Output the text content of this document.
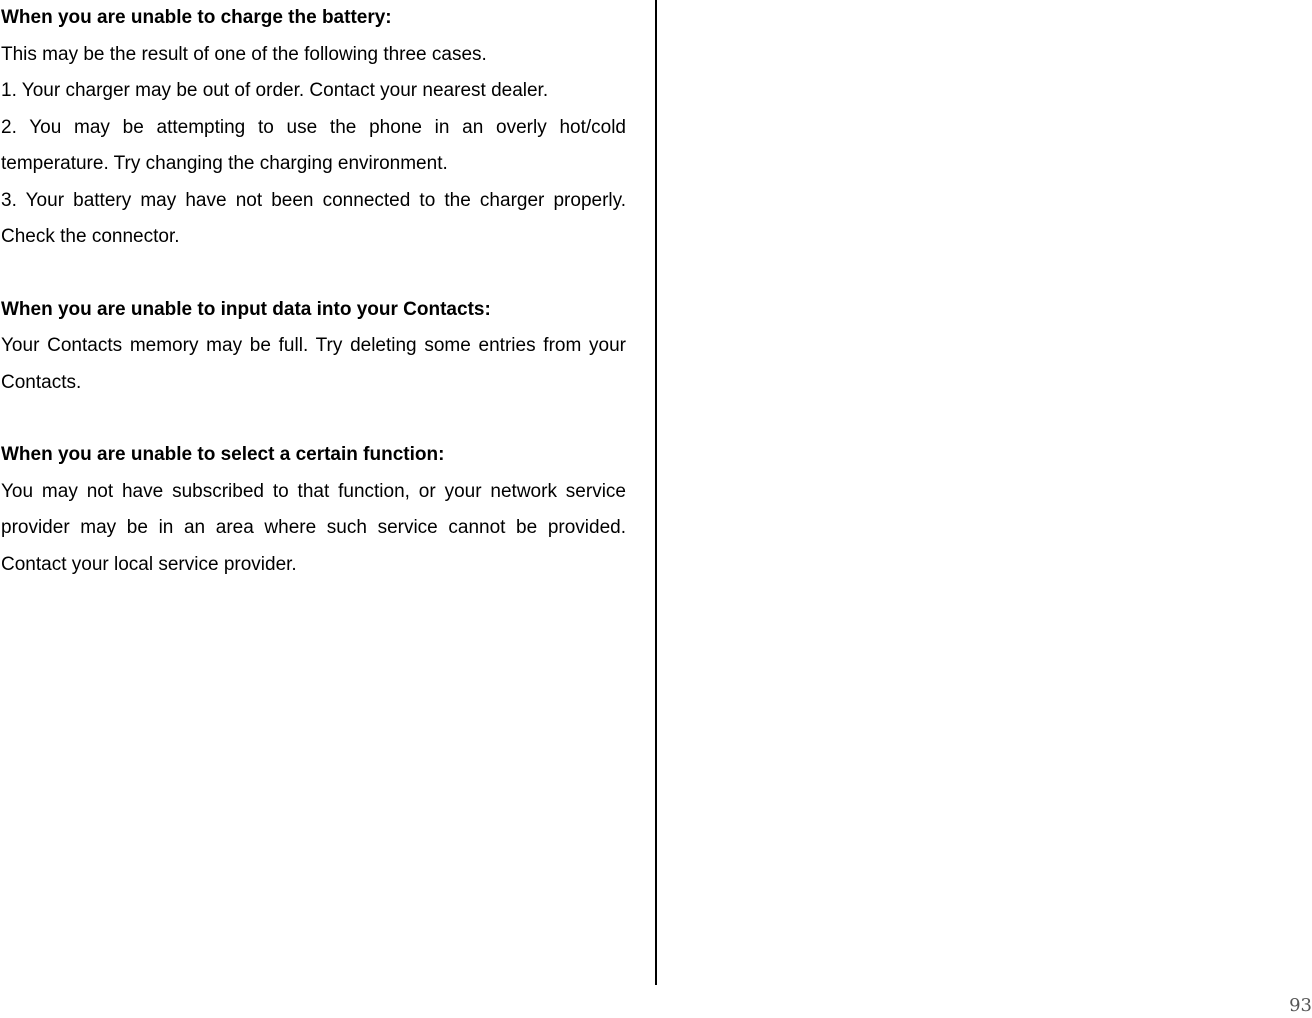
When you are unable to charge the battery:

This may be the result of one of the following three cases.

1. Your charger may be out of order. Contact your nearest dealer.

2. You may be attempting to use the phone in an overly hot/cold temperature. Try changing the charging environment.

3. Your battery may have not been connected to the charger properly. Check the connector.

When you are unable to input data into your Contacts:

Your Contacts memory may be full. Try deleting some entries from your Contacts.

When you are unable to select a certain function:

You may not have subscribed to that function, or your network service provider may be in an area where such service cannot be provided. Contact your local service provider.

93
